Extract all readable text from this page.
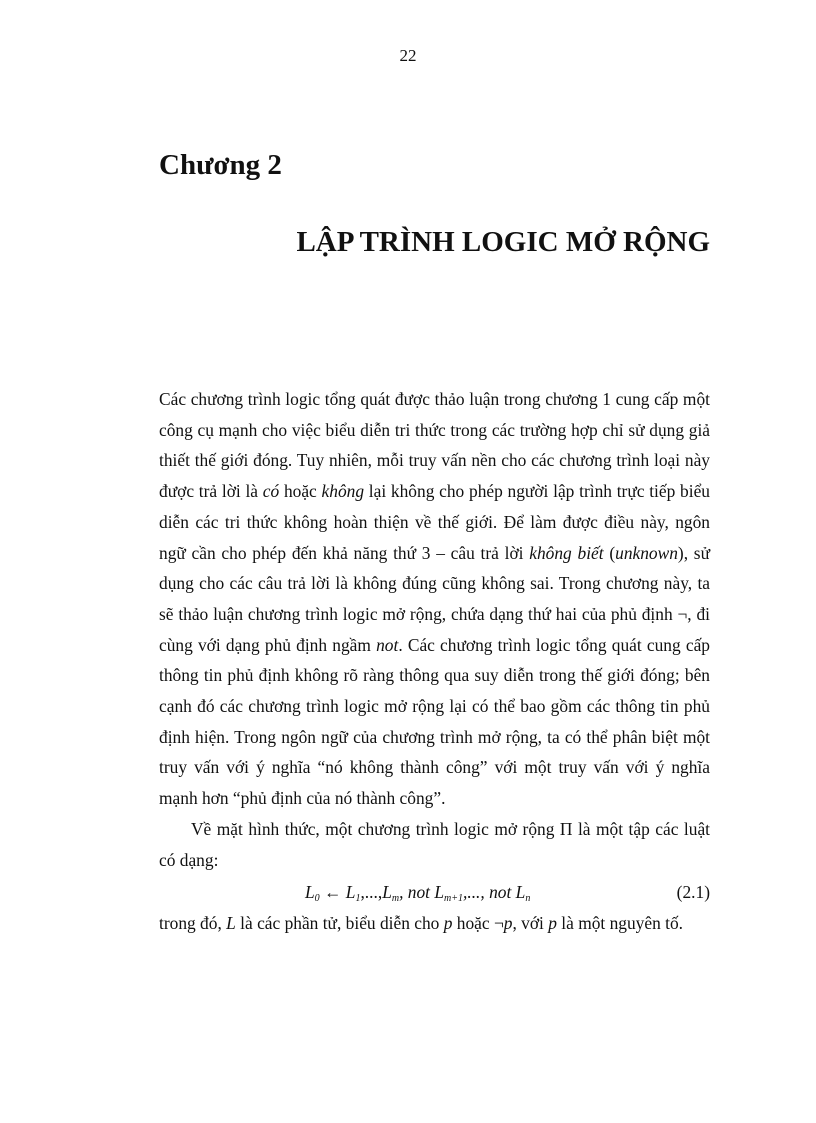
22
Chương 2
LẬP TRÌNH LOGIC MỞ RỘNG

Các chương trình logic tổng quát được thảo luận trong chương 1 cung cấp một công cụ mạnh cho việc biểu diễn tri thức trong các trường hợp chỉ sử dụng giả thiết thế giới đóng. Tuy nhiên, mỗi truy vấn nền cho các chương trình loại này được trả lời là có hoặc không lại không cho phép người lập trình trực tiếp biểu diễn các tri thức không hoàn thiện về thế giới. Để làm được điều này, ngôn ngữ cần cho phép đến khả năng thứ 3 – câu trả lời không biết (unknown), sử dụng cho các câu trả lời là không đúng cũng không sai. Trong chương này, ta sẽ thảo luận chương trình logic mở rộng, chứa dạng thứ hai của phủ định ¬, đi cùng với dạng phủ định ngầm not. Các chương trình logic tổng quát cung cấp thông tin phủ định không rõ ràng thông qua suy diễn trong thế giới đóng; bên cạnh đó các chương trình logic mở rộng lại có thể bao gồm các thông tin phủ định hiện. Trong ngôn ngữ của chương trình mở rộng, ta có thể phân biệt một truy vấn với ý nghĩa “nó không thành công” với một truy vấn với ý nghĩa mạnh hơn “phủ định của nó thành công”.

Về mặt hình thức, một chương trình logic mở rộng Π là một tập các luật có dạng:

$L_0$ ← $L_1,...,L_m$, not $L_{m+1}$,..., not $L_n$	(2.1)

trong đó, L là các phần tử, biểu diễn cho p hoặc ¬p, với p là một nguyên tố.
